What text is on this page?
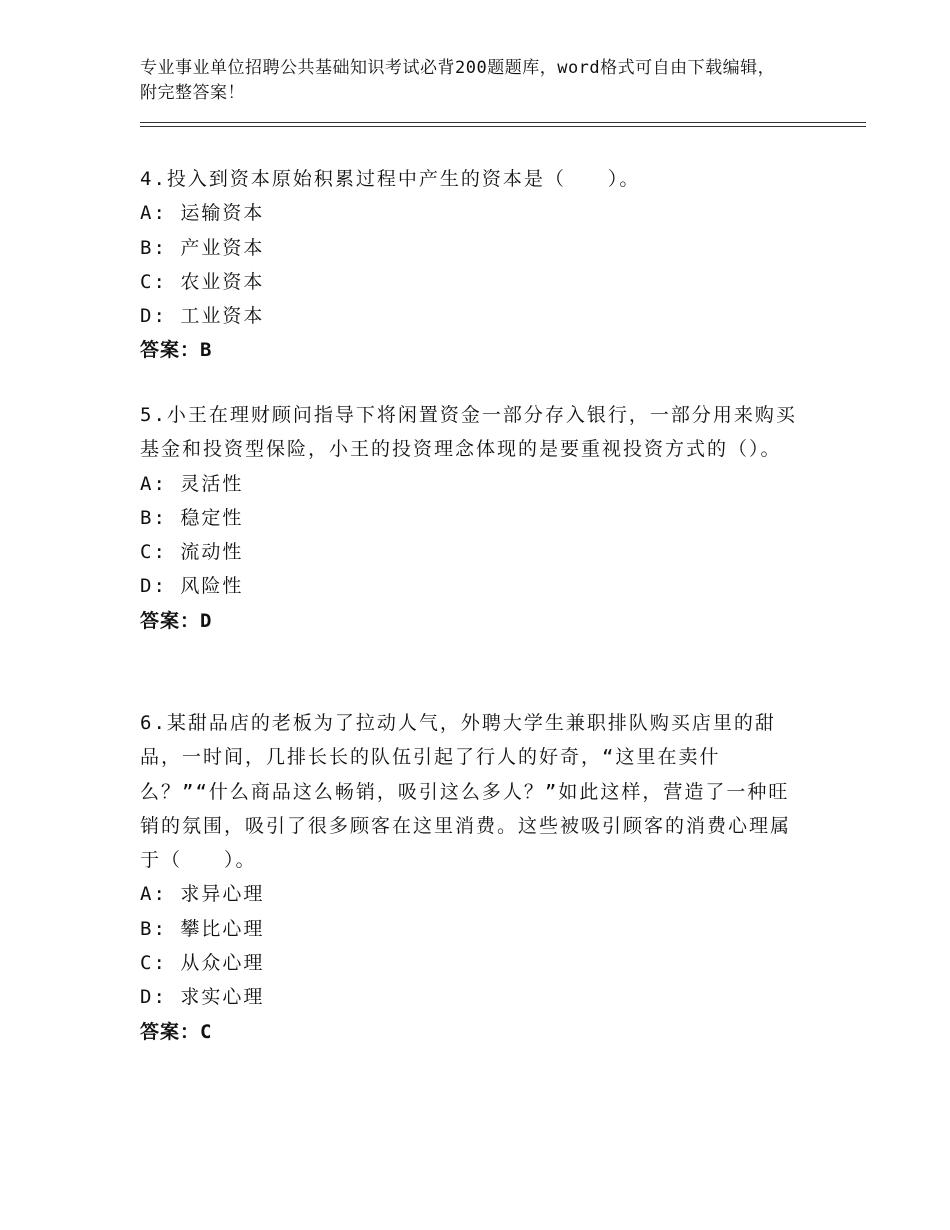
专业事业单位招聘公共基础知识考试必背200题题库，word格式可自由下载编辑，附完整答案！

4.投入到资本原始积累过程中产生的资本是（　　）。

A: 运输资本

B: 产业资本

C: 农业资本

D: 工业资本

答案：B

5.小王在理财顾问指导下将闲置资金一部分存入银行，一部分用来购买基金和投资型保险，小王的投资理念体现的是要重视投资方式的（）。

A: 灵活性

B: 稳定性

C: 流动性

D: 风险性

答案：D

6.某甜品店的老板为了拉动人气，外聘大学生兼职排队购买店里的甜品，一时间，几排长长的队伍引起了行人的好奇，“这里在卖什么？”“什么商品这么畅销，吸引这么多人？”如此这样，营造了一种旺销的氛围，吸引了很多顾客在这里消费。这些被吸引顾客的消费心理属于（　　）。

A: 求异心理

B: 攀比心理

C: 从众心理

D: 求实心理

答案：C
